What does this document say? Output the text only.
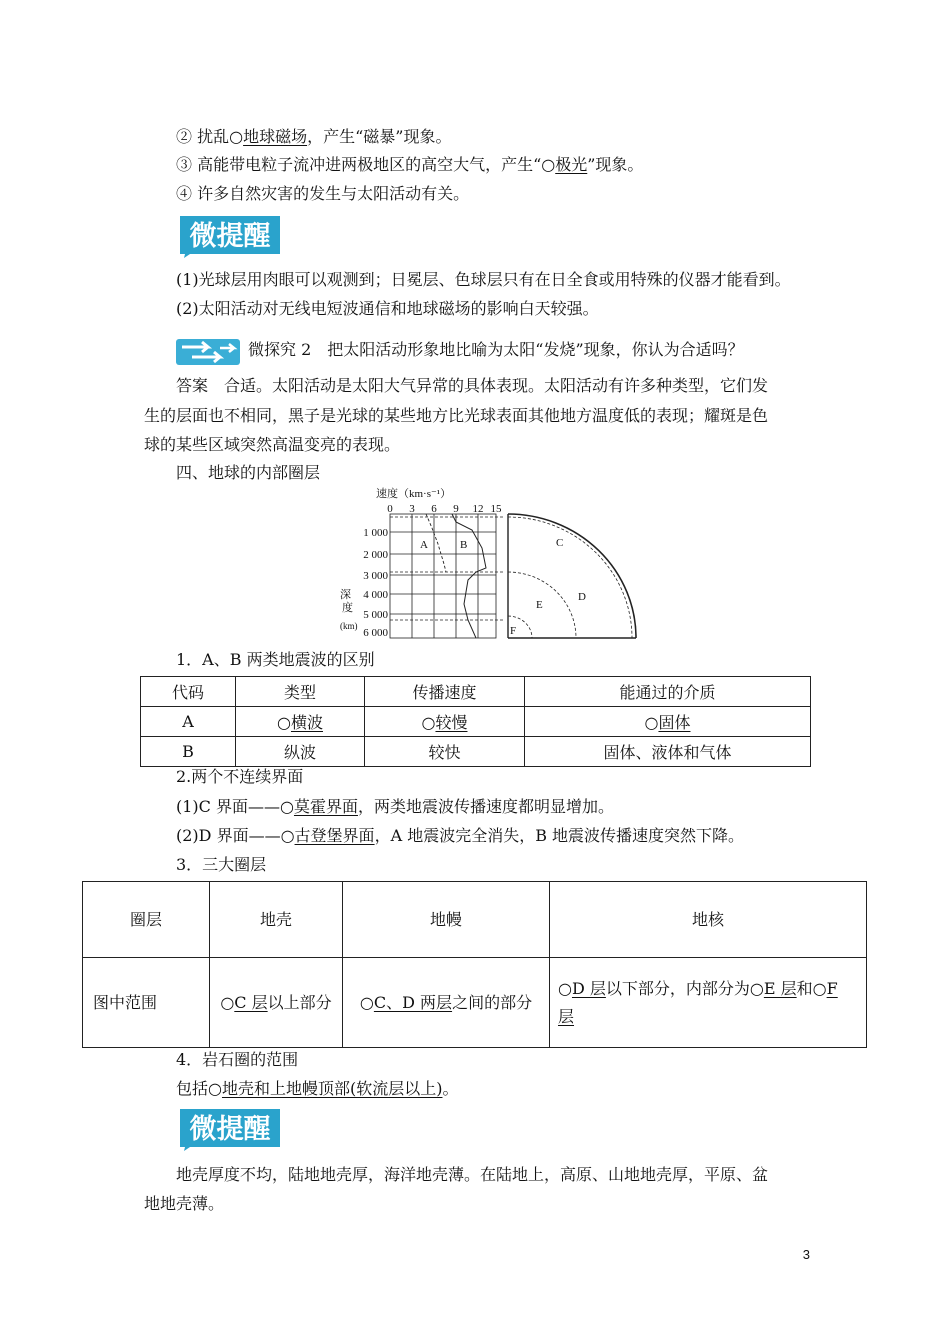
② 扰乱○地球磁场，产生“磁暴”现象。
③ 高能带电粒子流冲进两极地区的高空大气，产生“○极光”现象。
④ 许多自然灾害的发生与太阳活动有关。
微提醒
(1)光球层用肉眼可以观测到；日冕层、色球层只有在日全食或用特殊的仪器才能看到。
(2)太阳活动对无线电短波通信和地球磁场的影响白天较强。
微探究 2　把太阳活动形象地比喻为太阳“发烧”现象，你认为合适吗？
答案　合适。太阳活动是太阳大气异常的具体表现。太阳活动有许多种类型，它们发
生的层面也不相同，黑子是光球的某些地方比光球表面其他地方温度低的表现；耀斑是色
球的某些区域突然高温变亮的表现。
四、地球的内部圈层
速度（km·s⁻¹）
0 3 6 9 12 15
1 000
2 000
3 000
4 000
5 000
6 000
深
度
(km)
A	B	C
D
E
F
1．A、B 两类地震波的区别
代码	类型	传播速度	能通过的介质
A	○横波	○较慢	○固体
B	纵波	较快	固体、液体和气体
2.两个不连续界面
(1)C 界面——○莫霍界面，两类地震波传播速度都明显增加。
(2)D 界面——○古登堡界面，A 地震波完全消失，B 地震波传播速度突然下降。
3．三大圈层
圈层	地壳	地幔	地核
图中范围	○C 层以上部分	○C、D 两层之间的部分	○D 层以下部分，内部分为○E 层和○F
层
4．岩石圈的范围
包括○地壳和上地幔顶部(软流层以上)。
微提醒
地壳厚度不均，陆地地壳厚，海洋地壳薄。在陆地上，高原、山地地壳厚，平原、盆
地地壳薄。
3
